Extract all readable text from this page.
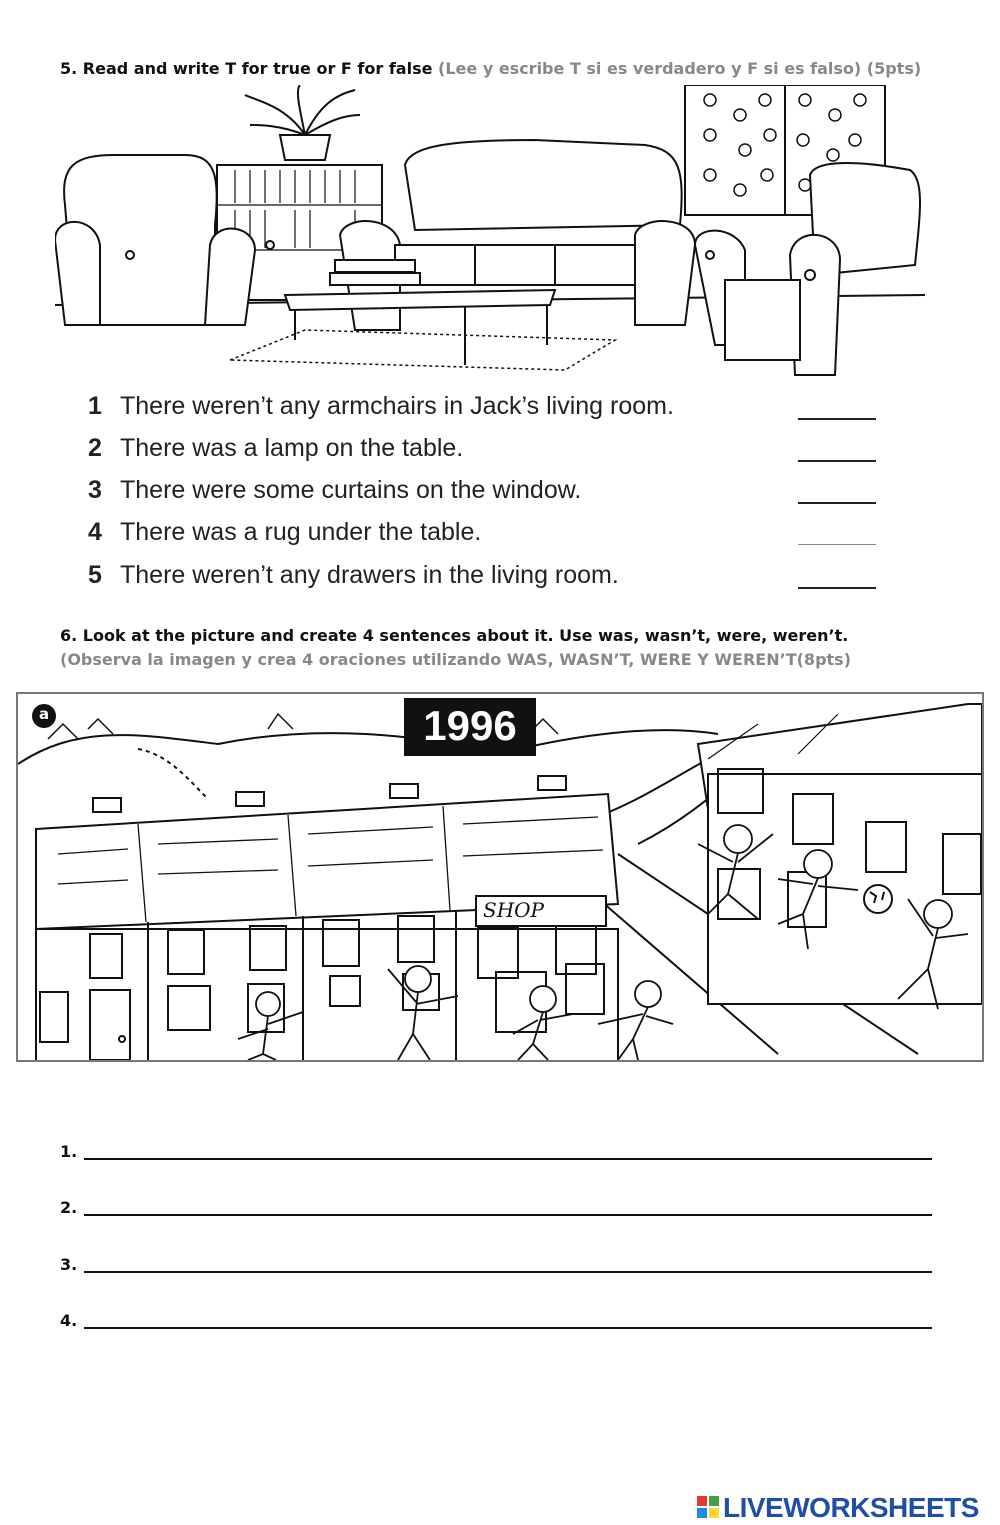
5. Read and write T for true or F for false (Lee y escribe T si es verdadero y F si es falso) (5pts)
1 There weren’t any armchairs in Jack’s living room.
2 There was a lamp on the table.
3 There were some curtains on the window.
4 There was a rug under the table.
5 There weren’t any drawers in the living room.
6. Look at the picture and create 4 sentences about it. Use was, wasn’t, were, weren’t.
(Observa la imagen y crea 4 oraciones utilizando WAS, WASN’T, WERE Y WEREN’T(8pts)
a	1996
SHOP
1.
2.
3.
4.
LIVEWORKSHEETS
